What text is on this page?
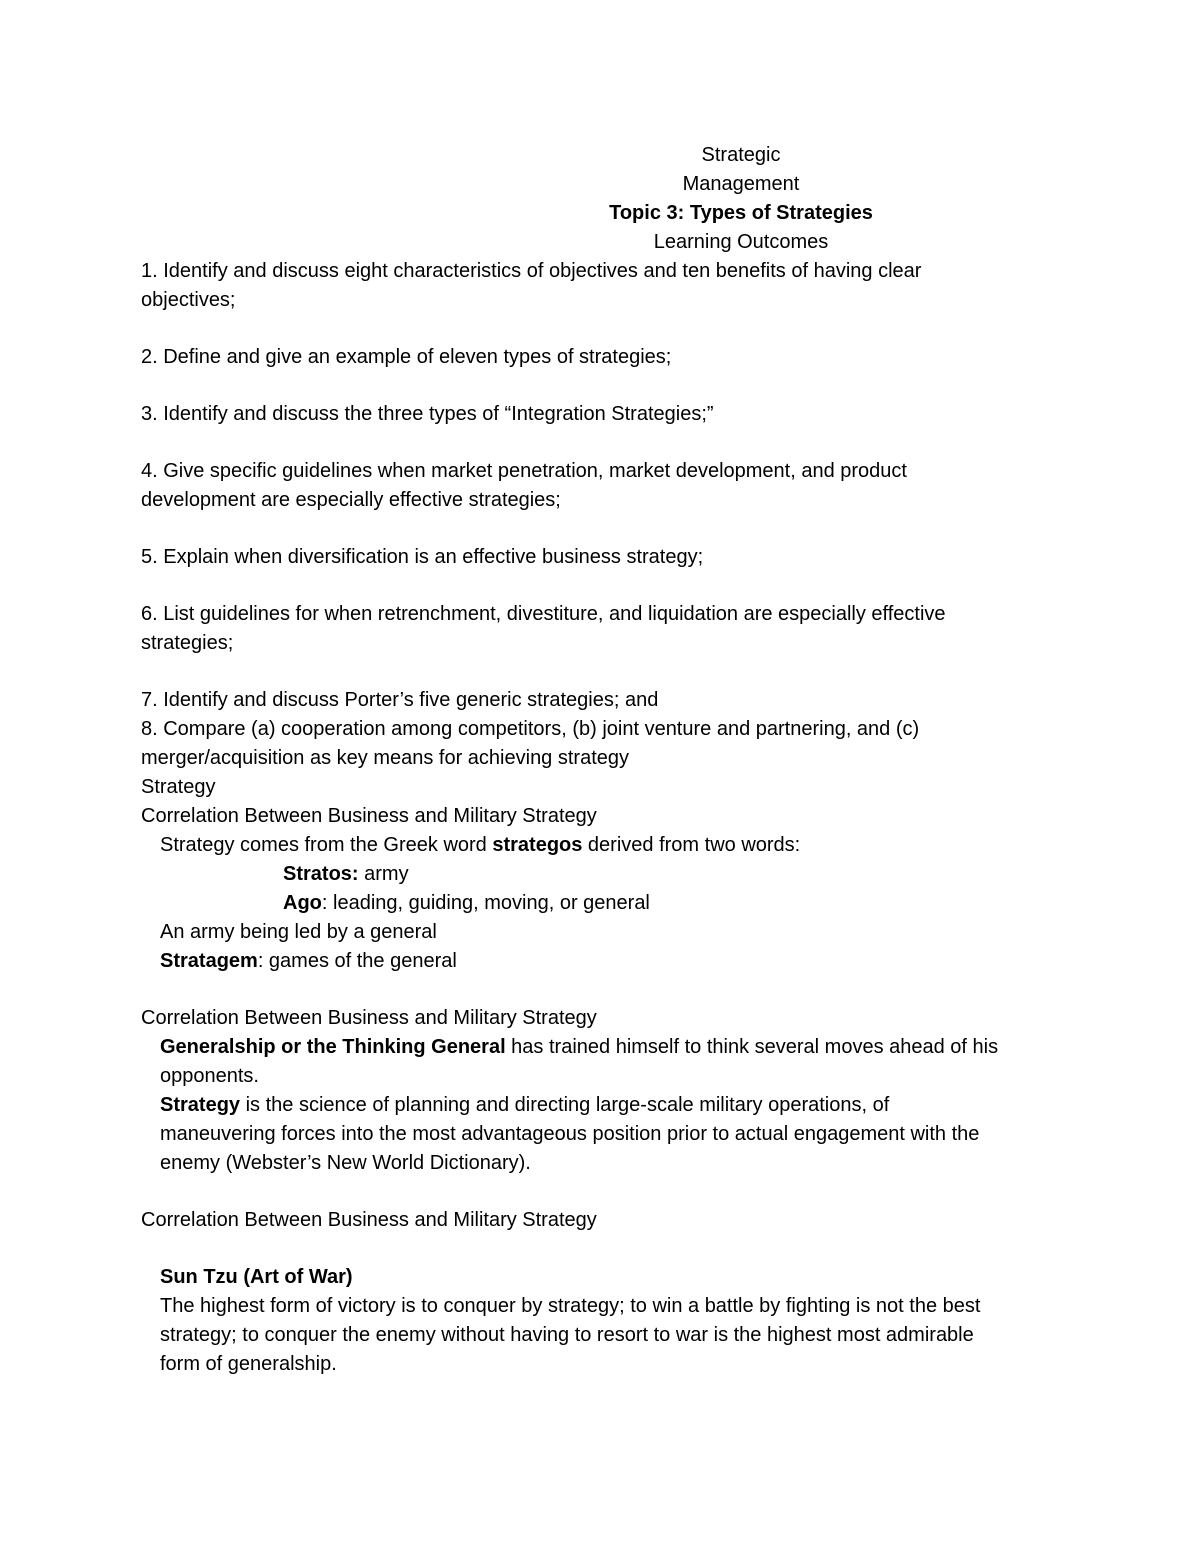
Strategic

Management

Topic 3: Types of Strategies

Learning Outcomes

1. Identify and discuss eight characteristics of objectives and ten benefits of having clear

objectives;

2. Define and give an example of eleven types of strategies;

3. Identify and discuss the three types of “Integration Strategies;”

4. Give specific guidelines when market penetration, market development, and product

development are especially effective strategies;

5. Explain when diversification is an effective business strategy;

6. List guidelines for when retrenchment, divestiture, and liquidation are especially effective

strategies;

7. Identify and discuss Porter’s five generic strategies; and

8. Compare (a) cooperation among competitors, (b) joint venture and partnering, and (c)

merger/acquisition as key means for achieving strategy

Strategy

Correlation Between Business and Military Strategy

Strategy comes from the Greek word strategos derived from two words:

Stratos: army

Ago: leading, guiding, moving, or general

An army being led by a general

Stratagem: games of the general

Correlation Between Business and Military Strategy

Generalship or the Thinking General has trained himself to think several moves ahead of his

opponents.

Strategy is the science of planning and directing large-scale military operations, of

maneuvering forces into the most advantageous position prior to actual engagement with the

enemy (Webster’s New World Dictionary).

Correlation Between Business and Military Strategy

Sun Tzu (Art of War)

The highest form of victory is to conquer by strategy; to win a battle by fighting is not the best

strategy; to conquer the enemy without having to resort to war is the highest most admirable

form of generalship.
